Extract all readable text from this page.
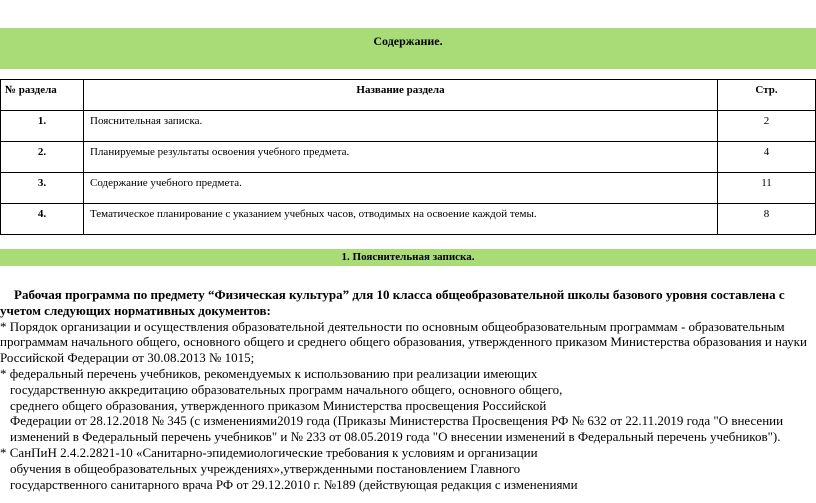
Содержание.
№ раздела	Название раздела	Стр.
1.	Пояснительная записка.	2
2.	Планируемые результаты освоения учебного предмета.	4
3.	Содержание учебного предмета.	11
4.	Тематическое планирование с указанием учебных часов, отводимых на освоение каждой темы.	8
1. Пояснительная записка.

Рабочая программа по предмету “Физическая культура” для 10 класса общеобразовательной школы базового уровня составлена с учетом следующих нормативных документов:

* Порядок организации и осуществления образовательной деятельности по основным общеобразовательным программам - образовательным программам начального общего, основного общего и среднего общего образования, утвержденного приказом Министерства образования и науки Российской Федерации от 30.08.2013 № 1015;

* федеральный перечень учебников, рекомендуемых к использованию при реализации имеющих

государственную аккредитацию образовательных программ начального общего, основного общего,

среднего общего образования, утвержденного приказом Министерства просвещения Российской

Федерации от 28.12.2018 № 345 (с изменениями2019 года (Приказы Министерства Просвещения РФ № 632 от 22.11.2019 года "О внесении изменений в Федеральный перечень учебников" и № 233 от 08.05.2019 года "О внесении изменений в Федеральный перечень учебников").

* СанПиН 2.4.2.2821-10 «Санитарно-эпидемиологические требования к условиям и организации

обучения в общеобразовательных учреждениях»,утвержденными постановлением Главного

государственного санитарного врача РФ от 29.12.2010 г. №189 (действующая редакция с изменениями
